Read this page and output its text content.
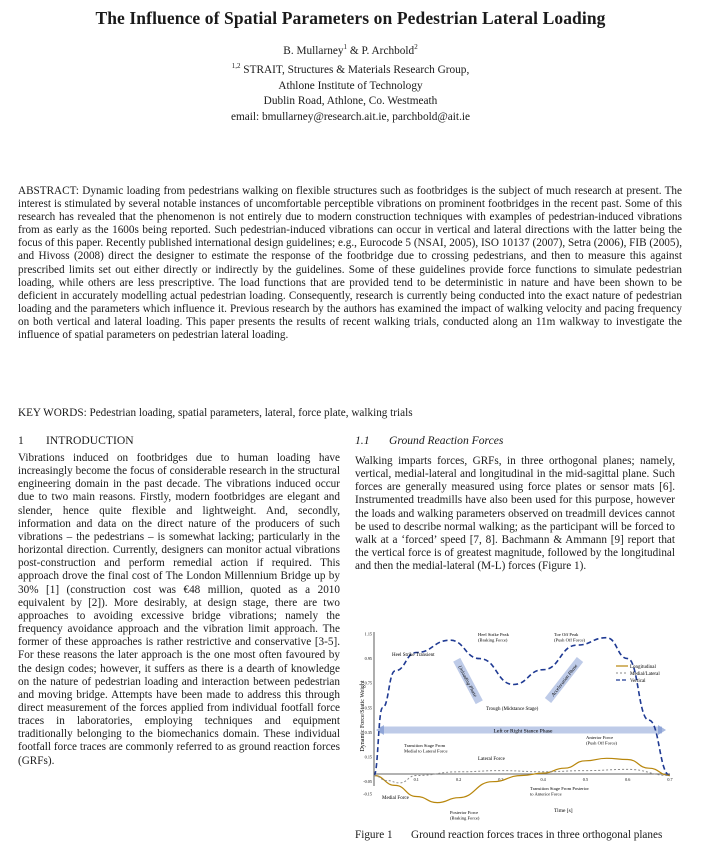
The Influence of Spatial Parameters on Pedestrian Lateral Loading
B. Mullarney$^1$ & P. Archbold$^2$
$^{1,2}$ STRAIT, Structures & Materials Research Group,
Athlone Institute of Technology
Dublin Road, Athlone, Co. Westmeath
email: bmullarney@research.ait.ie, parchbold@ait.ie
ABSTRACT: Dynamic loading from pedestrians walking on flexible structures such as footbridges is the subject of much research at present. The interest is stimulated by several notable instances of uncomfortable perceptible vibrations on prominent footbridges in the recent past. Some of this research has revealed that the phenomenon is not entirely due to modern construction techniques with examples of pedestrian-induced vibrations from as early as the 1600s being reported. Such pedestrian-induced vibrations can occur in vertical and lateral directions with the latter being the focus of this paper. Recently published international design guidelines; e.g., Eurocode 5 (NSAI, 2005), ISO 10137 (2007), Setra (2006), FIB (2005), and Hivoss (2008) direct the designer to estimate the response of the footbridge due to crossing pedestrians, and then to measure this against prescribed limits set out either directly or indirectly by the guidelines. Some of these guidelines provide force functions to simulate pedestrian loading, while others are less prescriptive. The load functions that are provided tend to be deterministic in nature and have been shown to be deficient in accurately modelling actual pedestrian loading. Consequently, research is currently being conducted into the exact nature of pedestrian loading and the parameters which influence it. Previous research by the authors has examined the impact of walking velocity and pacing frequency on both vertical and lateral loading. This paper presents the results of recent walking trials, conducted along an 11m walkway to investigate the influence of spatial parameters on pedestrian lateral loading.
KEY WORDS: Pedestrian loading, spatial parameters, lateral, force plate, walking trials
1 INTRODUCTION	1.1 Ground Reaction Forces
Vibrations induced on footbridges due to human loading have increasingly become the focus of considerable research in the structural engineering domain in the past decade. The vibrations induced occur due to two main reasons. Firstly, modern footbridges are elegant and slender, hence quite flexible and lightweight. And, secondly, information and data on the direct nature of the producers of such vibrations – the pedestrians – is somewhat lacking; particularly in the horizontal direction. Currently, designers can monitor actual vibrations post-construction and perform remedial action if required. This approach drove the final cost of The London Millennium Bridge up by 30% [1] (construction cost was €48 million, quoted as a 2010 equivalent by [2]). More desirably, at design stage, there are two approaches to avoiding excessive bridge vibrations; namely the frequency avoidance approach and the vibration limit approach. The former of these approaches is rather restrictive and conservative [3-5]. For these reasons the later approach is the one most often favoured by the design codes; however, it suffers as there is a dearth of knowledge on the nature of pedestrian loading and interaction between pedestrian and moving bridge. Attempts have been made to address this through direct measurement of the forces applied from individual footfall force traces in laboratories, employing techniques and equipment traditionally belonging to the biomechanics domain. These individual footfall force traces are commonly referred to as ground reaction forces (GRFs).
Walking imparts forces, GRFs, in three orthogonal planes; namely, vertical, medial-lateral and longitudinal in the mid-sagittal plane. Such forces are generally measured using force plates or sensor mats [6]. Instrumented treadmills have also been used for this purpose, however the loads and walking parameters observed on treadmill devices cannot be used to describe normal walking; as the participant will be forced to walk at a ‘forced’ speed [7, 8]. Bachmann & Ammann [9] report that the vertical force is of greatest magnitude, followed by the longitudinal and then the medial-lateral (M-L) forces (Figure 1).
Dynamic Force/Static Weight
Time [s]
1.15
0.95
0.75
0.55
0.35
0.15
-0.05
-0.15
0.1	0.2	0.3	0.4	0.5	0.6	0.7
Left or Right Stance Phase
Unloading Phase	Acceleration Phase
Heel Strike Transient
Trough (Midstance Stage)
Lateral Force
Medial Force
Heel Strike Peak (Braking Force)
Toe Off Peak (Push Off Force)
Transition Stage From Medial to Lateral Force
Anterior Force (Push Off Force)
Transition Stage From Posterior to Anterior Force
Posterior Force (Braking Force)
Longitudinal
Medial/Lateral
Vertical
Figure 1 Ground reaction forces traces in three orthogonal planes
